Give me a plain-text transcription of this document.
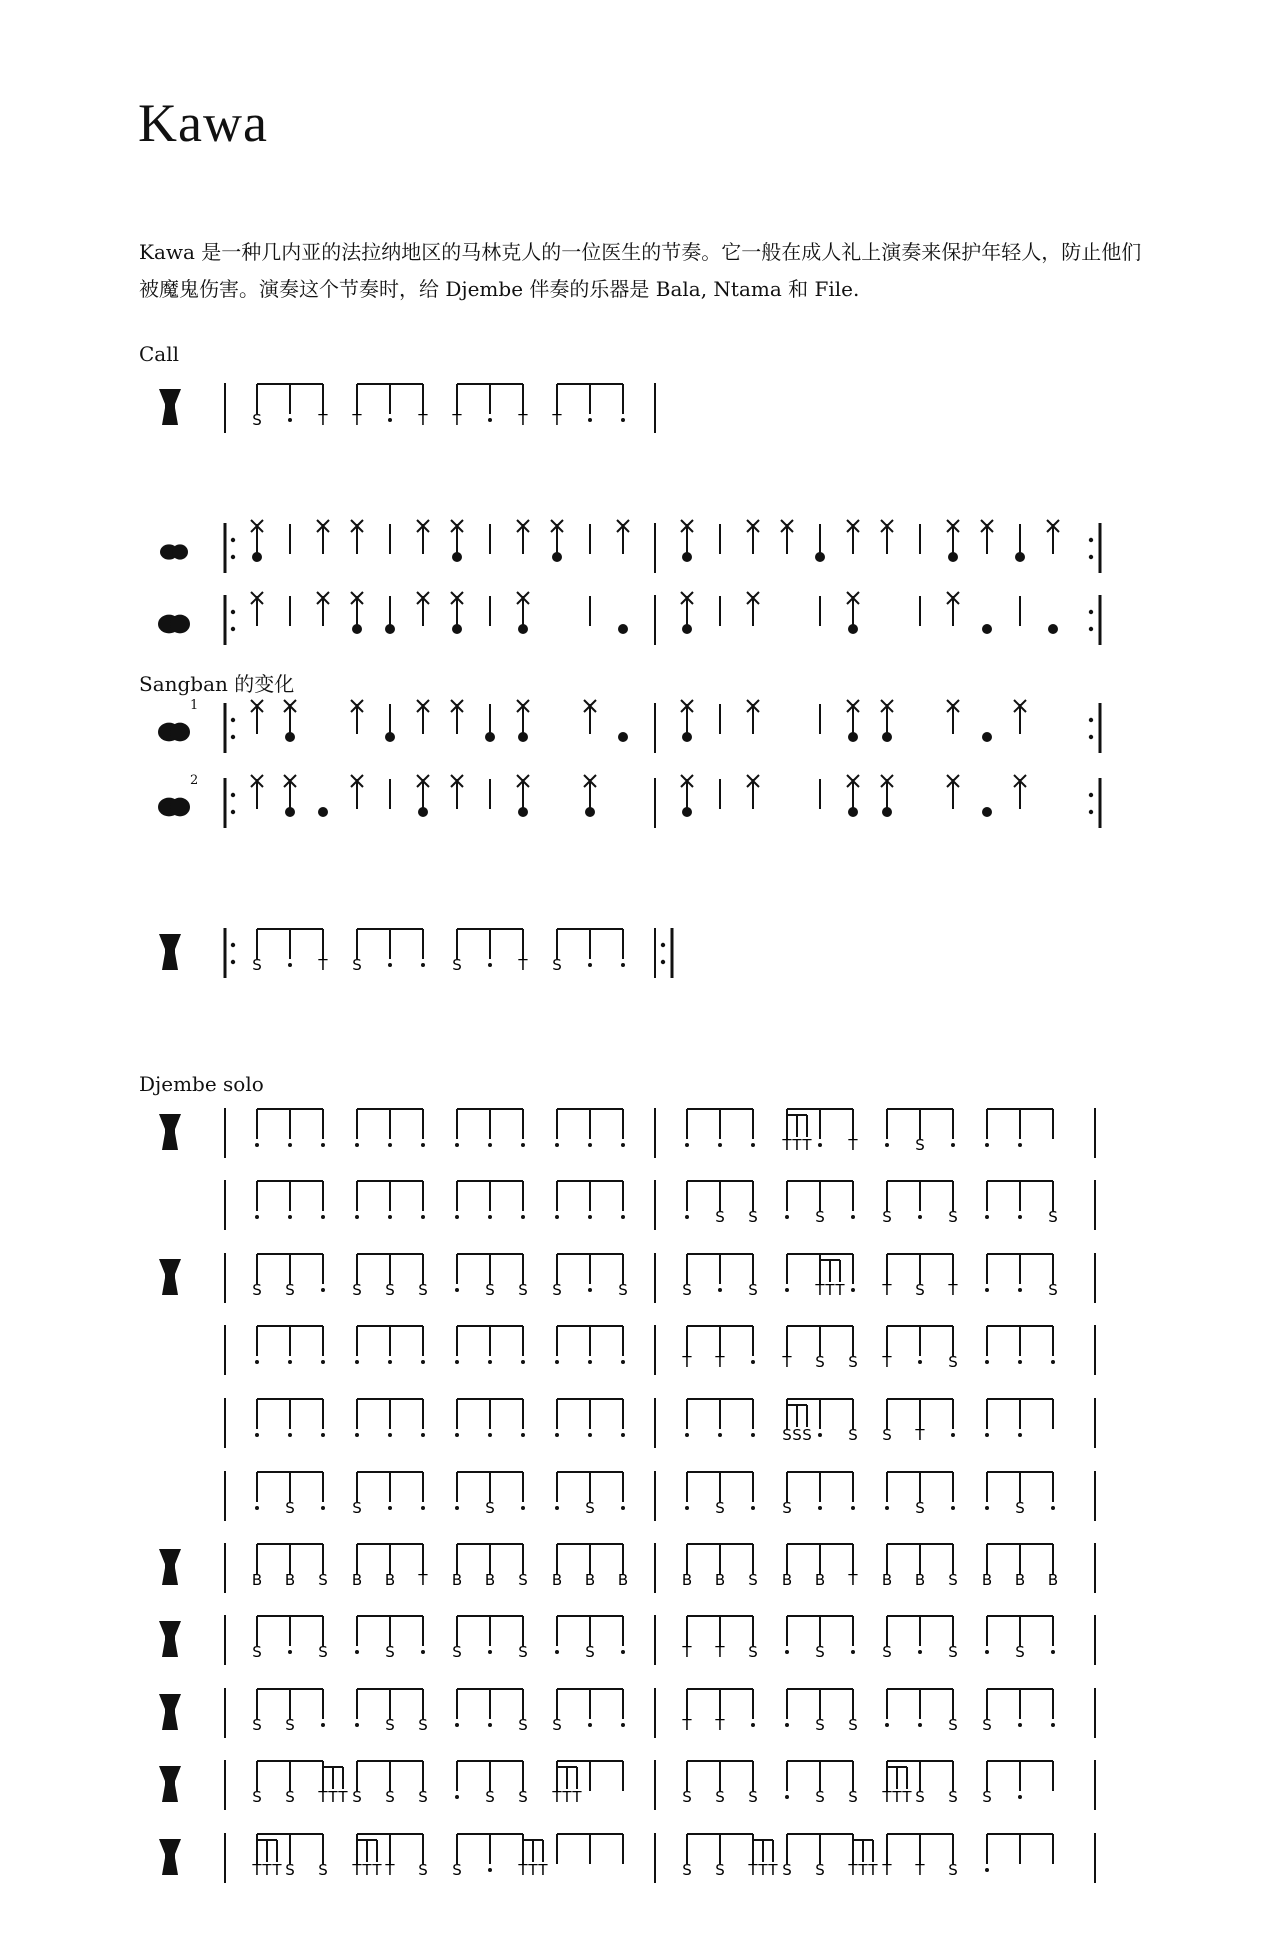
Kawa
Kawa 是一种几内亚的法拉纳地区的马林克人的一位医生的节奏。它一般在成人礼上演奏来保护年轻人，防止他们被魔鬼伤害。演奏这个节奏时，给 Djembe 伴奏的乐器是 Bala, Ntama 和 File.
Call
Sangban 的变化
Djembe solo
1
2
S	T T	T T	T T
S	T S	S	T S
T T T T	S
S S	S	S	S	S
S S	S S S	S S S	S	S	S	T T T	T S T	S
T T	T S S T	S
S S S S S T
S	S	S	S	S	S	S	S
B B S B B T B B S B B B	B B S B B T B B S B B B
S	S	S	S	S	S	T T S	S	S	S	S
S S	S S	S S	T T	S S	S S
S S T T T S S S	S S T T T	S S S	S S T T T S S S
T T T S S T T T T S S	T T T	S S T T T S S T T T T T S
